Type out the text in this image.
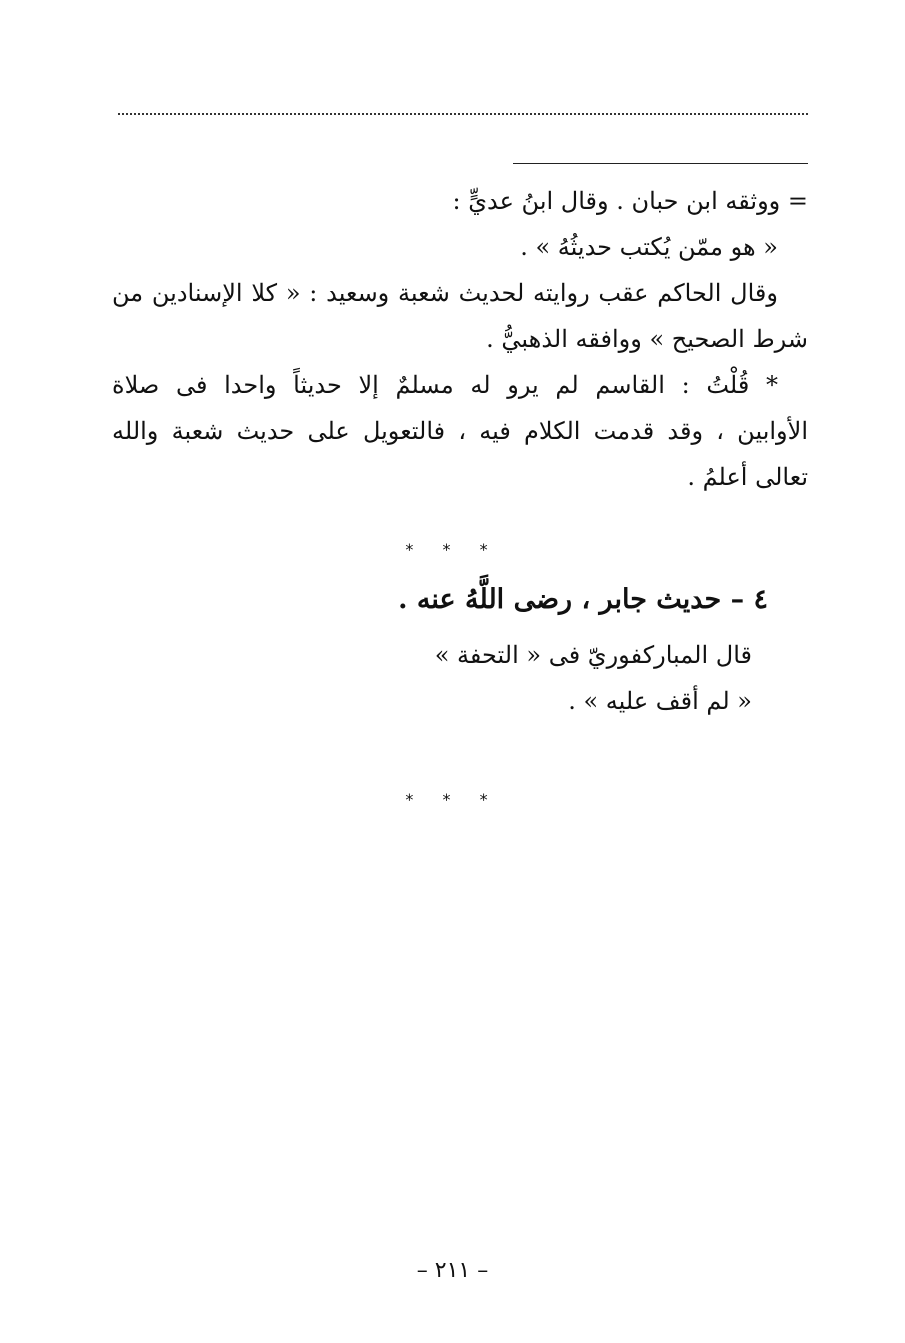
= ووثقه ابن حبان . وقال ابنُ عديٍّ :
« هو ممّن يُكتب حديثُهُ » .
وقال الحاكم عقب روايته لحديث شعبة وسعيد : « كلا الإسنادين من
شرط الصحيح » ووافقه الذهبيُّ .
* قُلْتُ : القاسم لم يرو له مسلمٌ إلا حديثاً واحدا فى صلاة
الأوابين ، وقد قدمت الكلام فيه ، فالتعويل على حديث شعبة والله
تعالى أعلمُ .
* * *
٤ – حديث جابر ، رضى اللَّهُ عنه .
قال المباركفوريّ فى « التحفة »
« لم أقف عليه » .
* * *
– ٢١١ –
